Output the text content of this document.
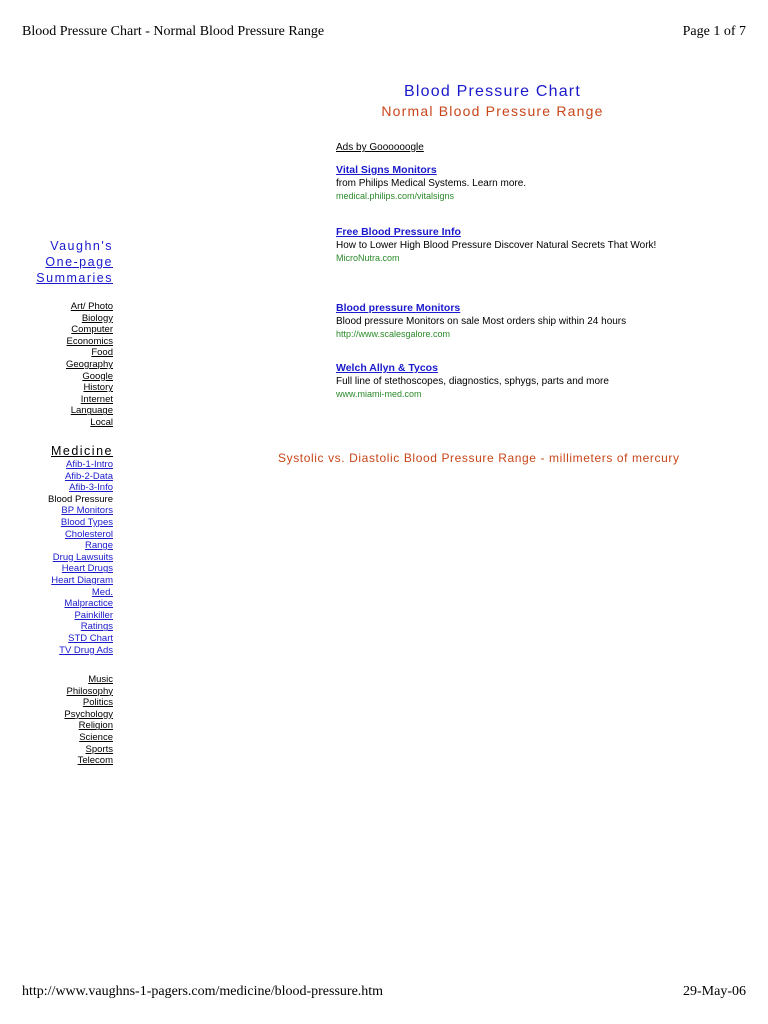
Blood Pressure Chart - Normal Blood Pressure Range	Page 1 of 7
Blood Pressure Chart
Normal Blood Pressure Range
Ads by Goooooogle
Vital Signs Monitors
from Philips Medical Systems. Learn more.
medical.philips.com/vitalsigns
Free Blood Pressure Info
How to Lower High Blood Pressure Discover Natural Secrets That Work!
MicroNutra.com
Blood pressure Monitors
Blood pressure Monitors on sale Most orders ship within 24 hours
http://www.scalesgalore.com
Welch Allyn & Tycos
Full line of stethoscopes, diagnostics, sphygs, parts and more
www.miami-med.com
Vaughn's
One-page
Summaries
Art/ Photo
Biology
Computer
Economics
Food
Geography
Google
History
Internet
Language
Local
Medicine
Afib-1-Intro
Afib-2-Data
Afib-3-Info
Blood Pressure
BP Monitors
Blood Types
Cholesterol
Range
Drug Lawsuits
Heart Drugs
Heart Diagram
Med.
Malpractice
Painkiller
Ratings
STD Chart
TV Drug Ads
Music
Philosophy
Politics
Psychology
Religion
Science
Sports
Telecom
Systolic vs. Diastolic Blood Pressure Range - millimeters of mercury
http://www.vaughns-1-pagers.com/medicine/blood-pressure.htm	29-May-06
